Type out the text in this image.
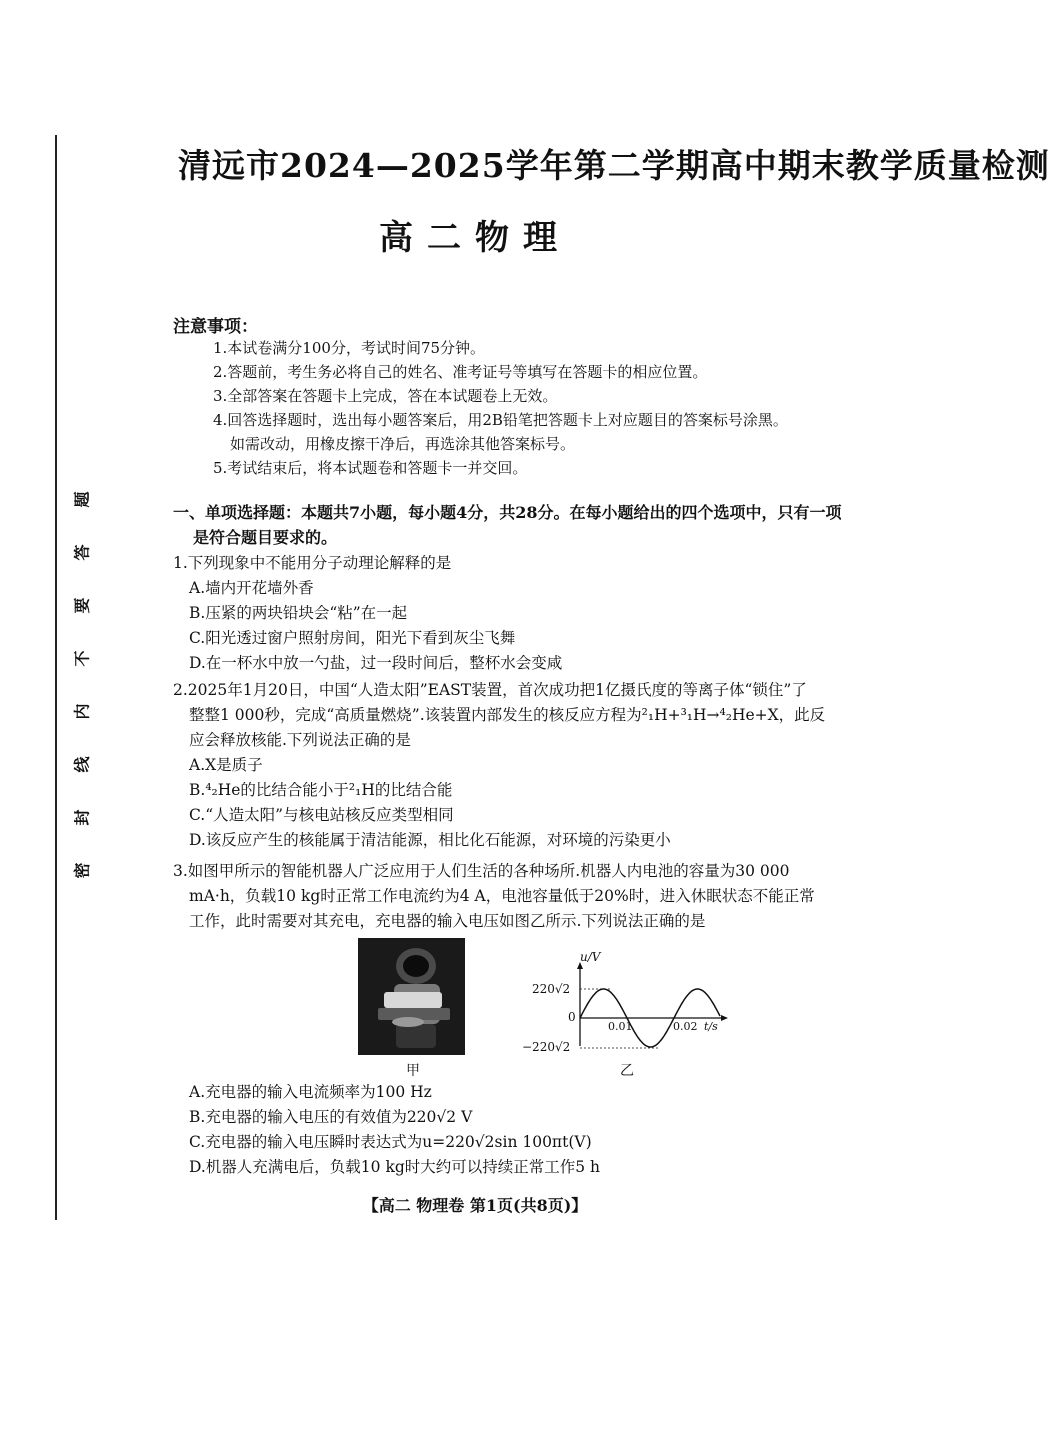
题
答
要
不
内
线
封
密
清远市2024—2025学年第二学期高中期末教学质量检测
高二物理
注意事项：
1.本试卷满分100分，考试时间75分钟。
2.答题前，考生务必将自己的姓名、准考证号等填写在答题卡的相应位置。
3.全部答案在答题卡上完成，答在本试题卷上无效。
4.回答选择题时，选出每小题答案后，用2B铅笔把答题卡上对应题目的答案标号涂黑。
如需改动，用橡皮擦干净后，再选涂其他答案标号。
5.考试结束后，将本试题卷和答题卡一并交回。
一、单项选择题：本题共7小题，每小题4分，共28分。在每小题给出的四个选项中，只有一项
是符合题目要求的。
1.下列现象中不能用分子动理论解释的是
A.墙内开花墙外香
B.压紧的两块铅块会“粘”在一起
C.阳光透过窗户照射房间，阳光下看到灰尘飞舞
D.在一杯水中放一勺盐，过一段时间后，整杯水会变咸
2.2025年1月20日，中国“人造太阳”EAST装置，首次成功把1亿摄氏度的等离子体“锁住”了
整整1 000秒，完成“高质量燃烧”.该装置内部发生的核反应方程为²₁H+³₁H→⁴₂He+X，此反
应会释放核能.下列说法正确的是
A.X是质子
B.⁴₂He的比结合能小于²₁H的比结合能
C.“人造太阳”与核电站核反应类型相同
D.该反应产生的核能属于清洁能源，相比化石能源，对环境的污染更小
3.如图甲所示的智能机器人广泛应用于人们生活的各种场所.机器人内电池的容量为30 000
mA·h，负载10 kg时正常工作电流约为4 A，电池容量低于20%时，进入休眠状态不能正常
工作，此时需要对其充电，充电器的输入电压如图乙所示.下列说法正确的是
甲
u/V
220√2
0
0.01	0.02 t/s
−220√2
乙
A.充电器的输入电流频率为100 Hz
B.充电器的输入电压的有效值为220√2 V
C.充电器的输入电压瞬时表达式为u=220√2sin 100πt(V)
D.机器人充满电后，负载10 kg时大约可以持续正常工作5 h
【高二 物理卷 第1页(共8页)】
